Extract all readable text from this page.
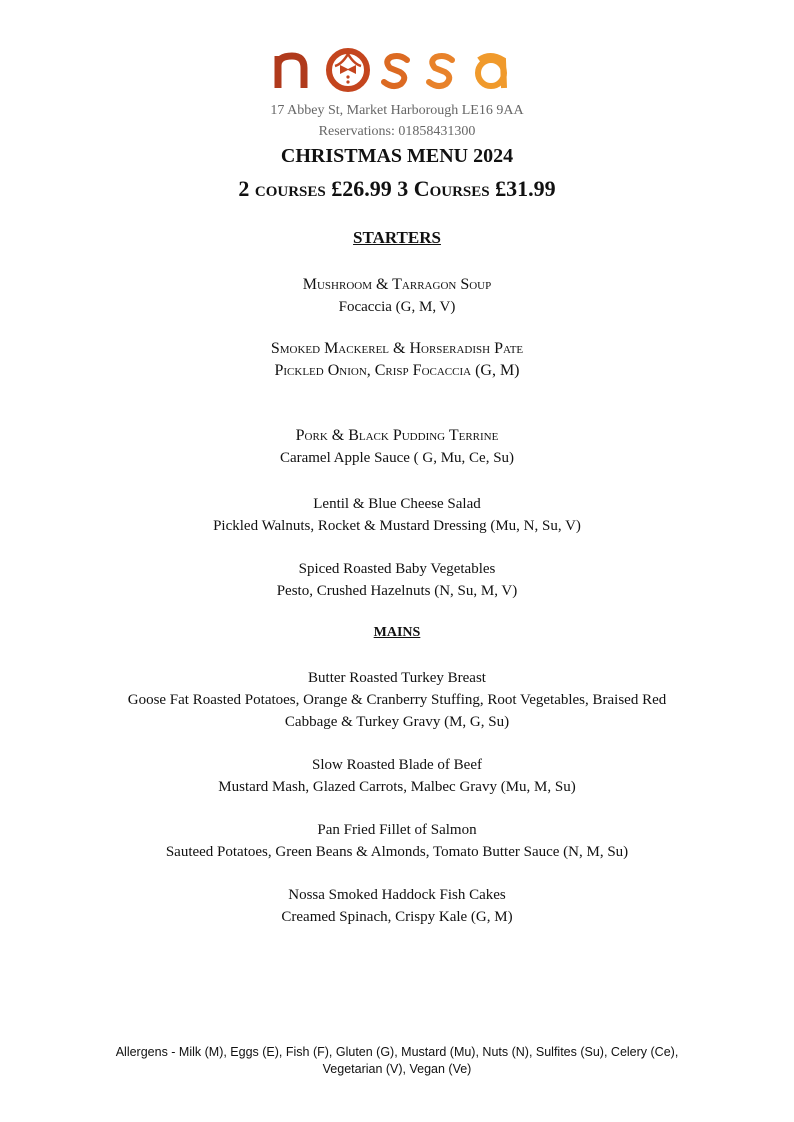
17 Abbey St, Market Harborough LE16 9AA
Reservations: 01858431300
CHRISTMAS MENU 2024
2 courses £26.99 3 Courses £31.99
STARTERS
Mushroom & Tarragon Soup
Focaccia (G, M, V)
Smoked Mackerel & Horseradish Pate
Pickled Onion, Crisp Focaccia (G, M)
Pork & Black Pudding Terrine
Caramel Apple Sauce ( G, Mu, Ce, Su)
Lentil & Blue Cheese Salad
Pickled Walnuts, Rocket & Mustard Dressing (Mu, N, Su, V)
Spiced Roasted Baby Vegetables
Pesto, Crushed Hazelnuts (N, Su, M, V)
MAINS
Butter Roasted Turkey Breast
Goose Fat Roasted Potatoes, Orange & Cranberry Stuffing, Root Vegetables, Braised Red
Cabbage & Turkey Gravy (M, G, Su)
Slow Roasted Blade of Beef
Mustard Mash, Glazed Carrots, Malbec Gravy (Mu, M, Su)
Pan Fried Fillet of Salmon
Sauteed Potatoes, Green Beans & Almonds, Tomato Butter Sauce (N, M, Su)
Nossa Smoked Haddock Fish Cakes
Creamed Spinach, Crispy Kale (G, M)
Allergens - Milk (M), Eggs (E), Fish (F), Gluten (G), Mustard (Mu), Nuts (N), Sulfites (Su), Celery (Ce),
Vegetarian (V), Vegan (Ve)
